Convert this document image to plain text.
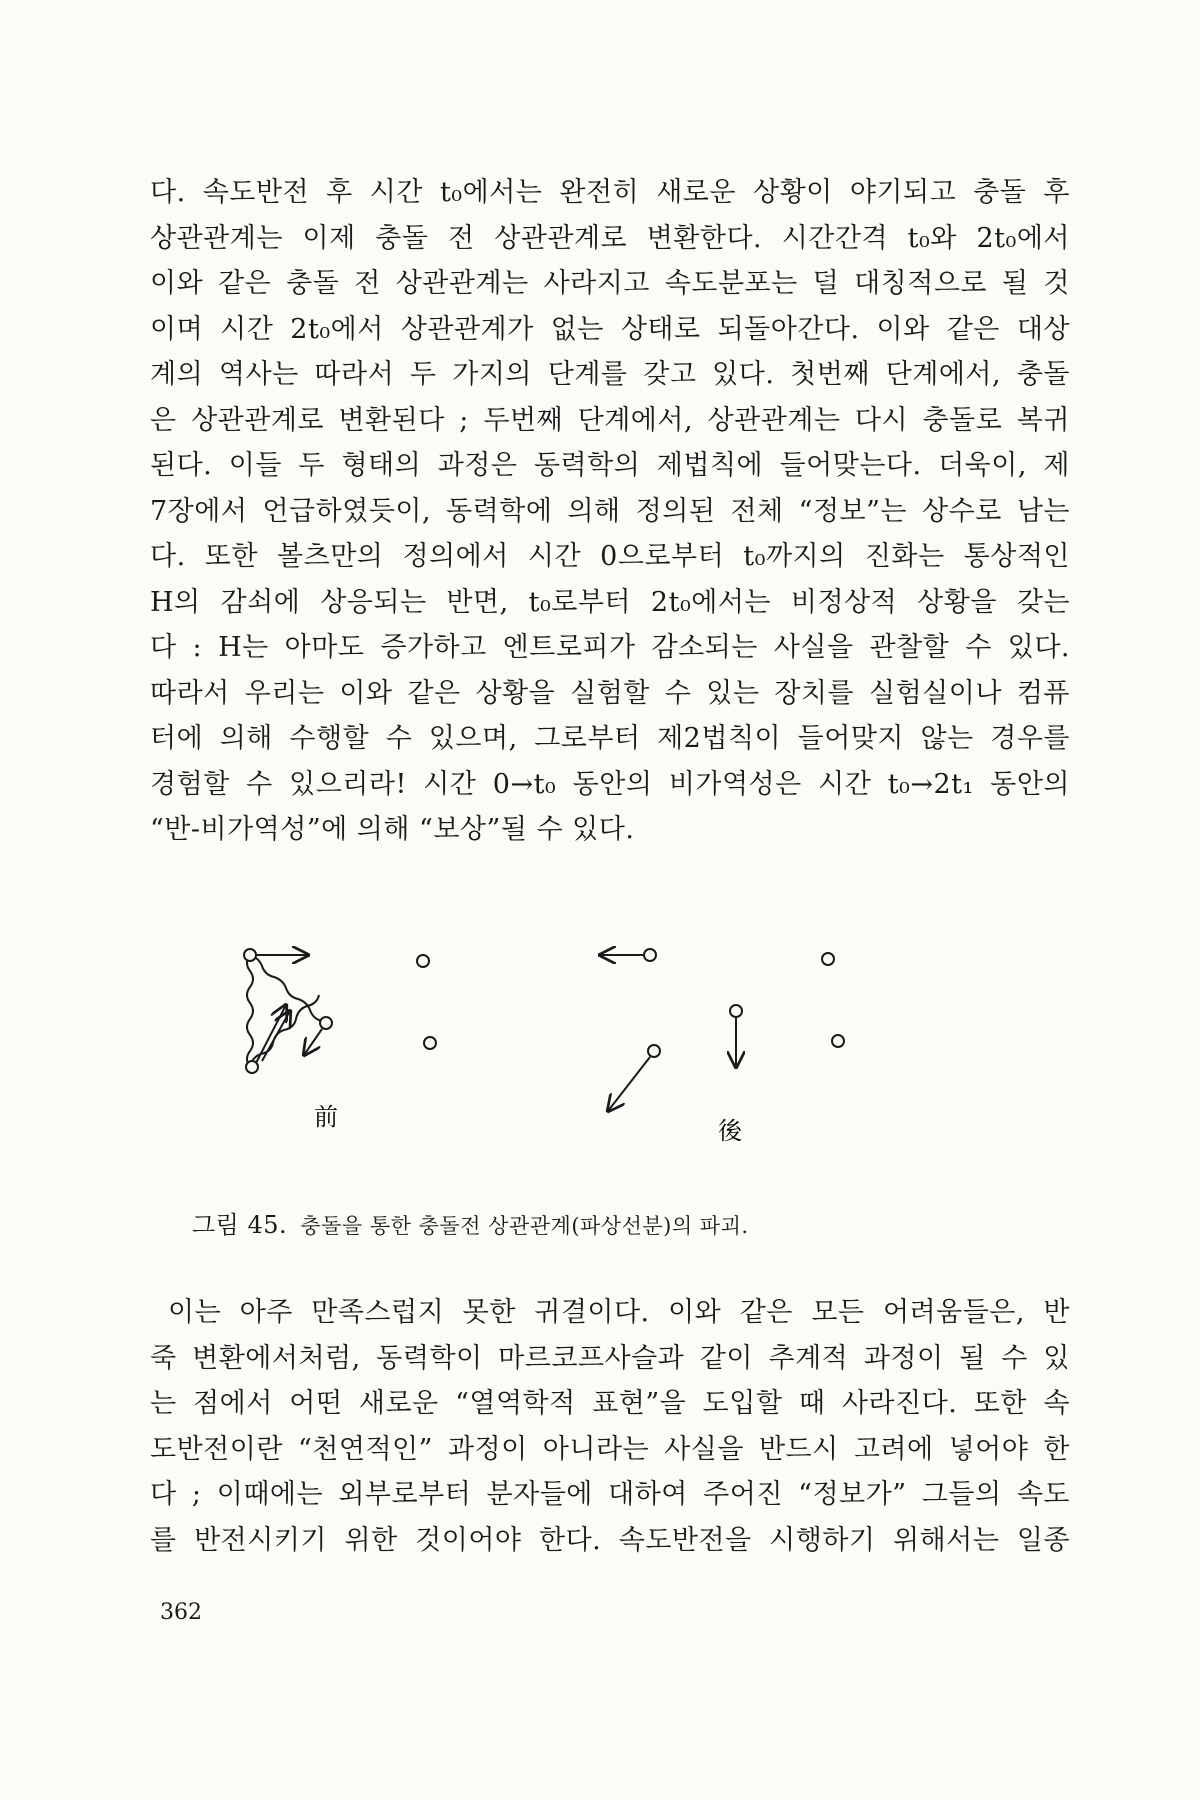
다. 속도반전 후 시간 t₀에서는 완전히 새로운 상황이 야기되고 충돌 후
상관관계는 이제 충돌 전 상관관계로 변환한다. 시간간격 t₀와 2t₀에서
이와 같은 충돌 전 상관관계는 사라지고 속도분포는 덜 대칭적으로 될 것
이며 시간 2t₀에서 상관관계가 없는 상태로 되돌아간다. 이와 같은 대상
계의 역사는 따라서 두 가지의 단계를 갖고 있다. 첫번째 단계에서, 충돌
은 상관관계로 변환된다 ; 두번째 단계에서, 상관관계는 다시 충돌로 복귀
된다. 이들 두 형태의 과정은 동력학의 제법칙에 들어맞는다. 더욱이, 제
7장에서 언급하였듯이, 동력학에 의해 정의된 전체 “정보”는 상수로 남는
다. 또한 볼츠만의 정의에서 시간 0으로부터 t₀까지의 진화는 통상적인
H의 감쇠에 상응되는 반면, t₀로부터 2t₀에서는 비정상적 상황을 갖는
다 : H는 아마도 증가하고 엔트로피가 감소되는 사실을 관찰할 수 있다.
따라서 우리는 이와 같은 상황을 실험할 수 있는 장치를 실험실이나 컴퓨
터에 의해 수행할 수 있으며, 그로부터 제2법칙이 들어맞지 않는 경우를
경험할 수 있으리라! 시간 0→t₀ 동안의 비가역성은 시간 t₀→2t₁ 동안의
“반-비가역성”에 의해 “보상”될 수 있다.
前	後
그림 45. 충돌을 통한 충돌전 상관관계(파상선분)의 파괴.
이는 아주 만족스럽지 못한 귀결이다. 이와 같은 모든 어려움들은, 반
죽 변환에서처럼, 동력학이 마르코프사슬과 같이 추계적 과정이 될 수 있
는 점에서 어떤 새로운 “열역학적 표현”을 도입할 때 사라진다. 또한 속
도반전이란 “천연적인” 과정이 아니라는 사실을 반드시 고려에 넣어야 한
다 ; 이때에는 외부로부터 분자들에 대하여 주어진 “정보가” 그들의 속도
를 반전시키기 위한 것이어야 한다. 속도반전을 시행하기 위해서는 일종
362
